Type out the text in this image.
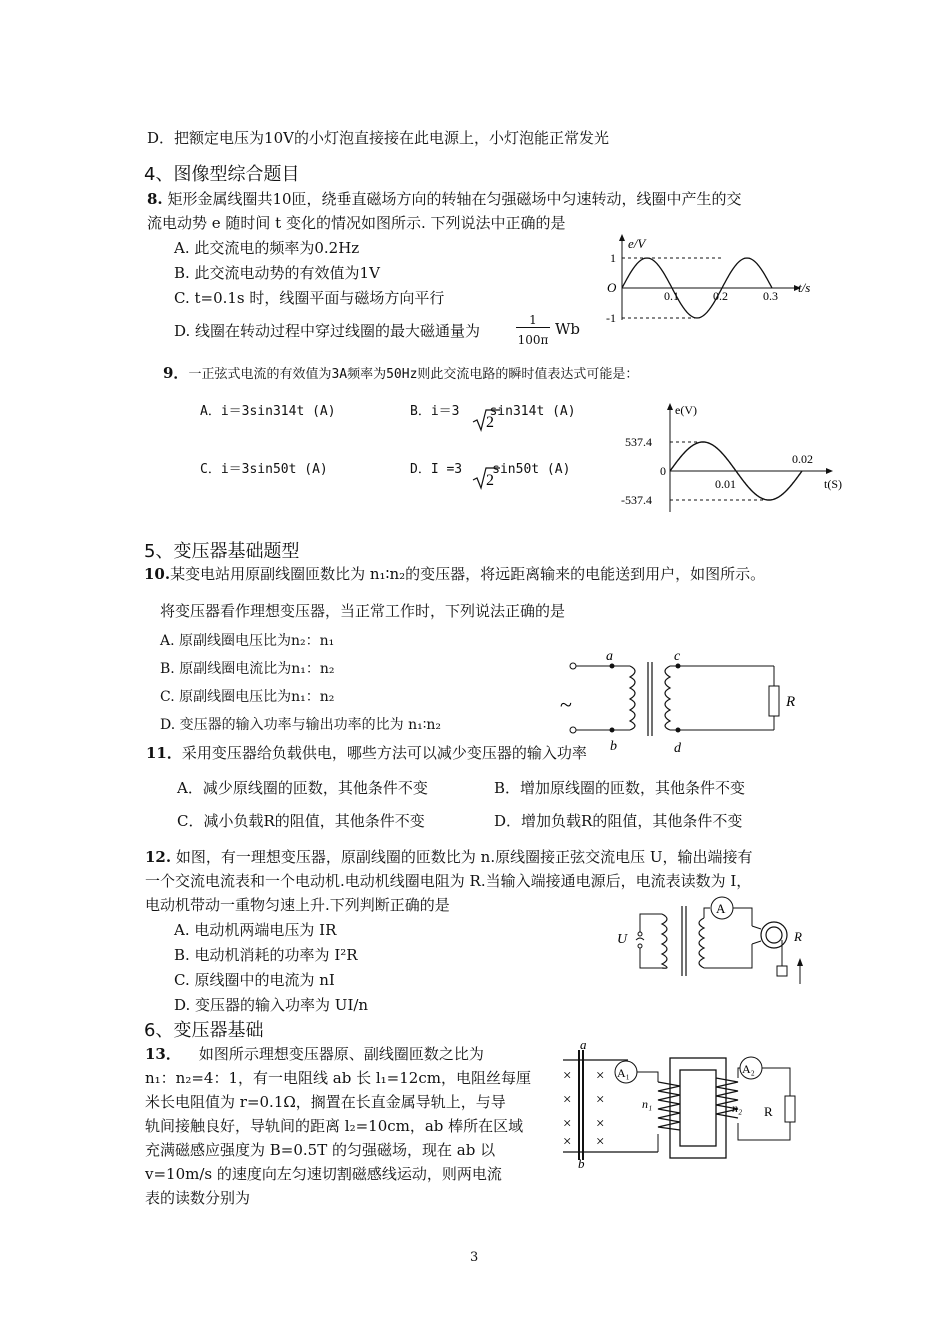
D．把额定电压为10V的小灯泡直接接在此电源上，小灯泡能正常发光
4、图像型综合题目
8. 矩形金属线圈共10匝，绕垂直磁场方向的转轴在匀强磁场中匀速转动，线圈中产生的交
流电动势 e 随时间 t 变化的情况如图所示. 下列说法中正确的是
A. 此交流电的频率为0.2Hz
B. 此交流电动势的有效值为1V
C. t=0.1s 时，线圈平面与磁场方向平行
D. 线圈在转动过程中穿过线圈的最大磁通量为
1
100π
Wb
e/V
t/s
O
1
-1
0.1	0.2	0.3
9．一正弦式电流的有效值为3A频率为50Hz则此交流电路的瞬时值表达式可能是：
A．i＝3sin314t (A)	B．i＝3 sin314t (A)
2
C．i＝3sin50t (A)	D．I =3 sin50t (A)
2
e(V)
t(S)
0
537.4
-537.4
0.01
0.02
5、变压器基础题型
10.某变电站用原副线圈匝数比为 n₁∶n₂的变压器，将远距离输来的电能送到用户，如图所示。
将变压器看作理想变压器，当正常工作时，下列说法正确的是
A. 原副线圈电压比为n₂：n₁
B. 原副线圈电流比为n₁：n₂
C. 原副线圈电压比为n₁：n₂
D. 变压器的输入功率与输出功率的比为 n₁∶n₂
~
a
b
c
d
R
11．采用变压器给负载供电，哪些方法可以减少变压器的输入功率
A．减少原线圈的匝数，其他条件不变	B．增加原线圈的匝数，其他条件不变
C．减小负载R的阻值，其他条件不变	D．增加负载R的阻值，其他条件不变
12. 如图，有一理想变压器，原副线圈的匝数比为 n.原线圈接正弦交流电压 U，输出端接有
一个交流电流表和一个电动机.电动机线圈电阻为 R.当输入端接通电源后，电流表读数为 I，
电动机带动一重物匀速上升.下列判断正确的是
A. 电动机两端电压为 IR
B. 电动机消耗的功率为 I²R
C. 原线圈中的电流为 nI
D. 变压器的输入功率为 UI/n
A
R
U
6、变压器基础
13． 如图所示理想变压器原、副线圈匝数之比为
n₁：n₂=4：1，有一电阻线 ab 长 l₁=12cm，电阻丝每厘
米长电阻值为 r=0.1Ω，搁置在长直金属导轨上，与导
轨间接触良好，导轨间的距离 l₂=10cm，ab 棒所在区域
充满磁感应强度为 B=0.5T 的匀强磁场，现在 ab 以
v=10m/s 的速度向左匀速切割磁感线运动，则两电流
表的读数分别为
×
×
×
×
×
×
×
×
a
b
A₁	A₂
n₁	n₂ R
3
